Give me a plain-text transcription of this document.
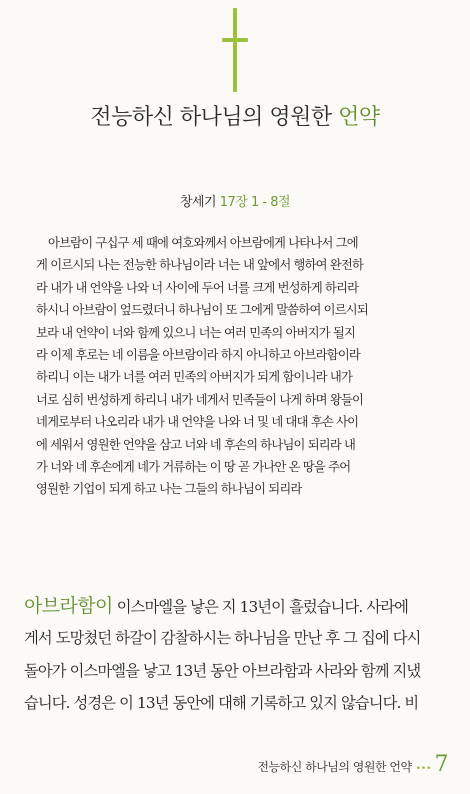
전능하신 하나님의 영원한 언약
창세기 17장 1 - 8절
아브람이 구십구 세 때에 여호와께서 아브람에게 나타나서 그에
게 이르시되 나는 전능한 하나님이라 너는 내 앞에서 행하여 완전하
라 내가 내 언약을 나와 너 사이에 두어 너를 크게 번성하게 하리라
하시니 아브람이 엎드렸더니 하나님이 또 그에게 말씀하여 이르시되
보라 내 언약이 너와 함께 있으니 너는 여러 민족의 아버지가 될지
라 이제 후로는 네 이름을 아브람이라 하지 아니하고 아브라함이라
하리니 이는 내가 너를 여러 민족의 아버지가 되게 함이니라 내가
너로 심히 번성하게 하리니 내가 네게서 민족들이 나게 하며 왕들이
네게로부터 나오리라 내가 내 언약을 나와 너 및 네 대대 후손 사이
에 세워서 영원한 언약을 삼고 너와 네 후손의 하나님이 되리라 내
가 너와 네 후손에게 네가 거류하는 이 땅 곧 가나안 온 땅을 주어
영원한 기업이 되게 하고 나는 그들의 하나님이 되리라
아브라함이 이스마엘을 낳은 지 13년이 흘렀습니다. 사라에
게서 도망쳤던 하갈이 감찰하시는 하나님을 만난 후 그 집에 다시
돌아가 이스마엘을 낳고 13년 동안 아브라함과 사라와 함께 지냈
습니다. 성경은 이 13년 동안에 대해 기록하고 있지 않습니다. 비
전능하신 하나님의 영원한 언약 ••• 7
